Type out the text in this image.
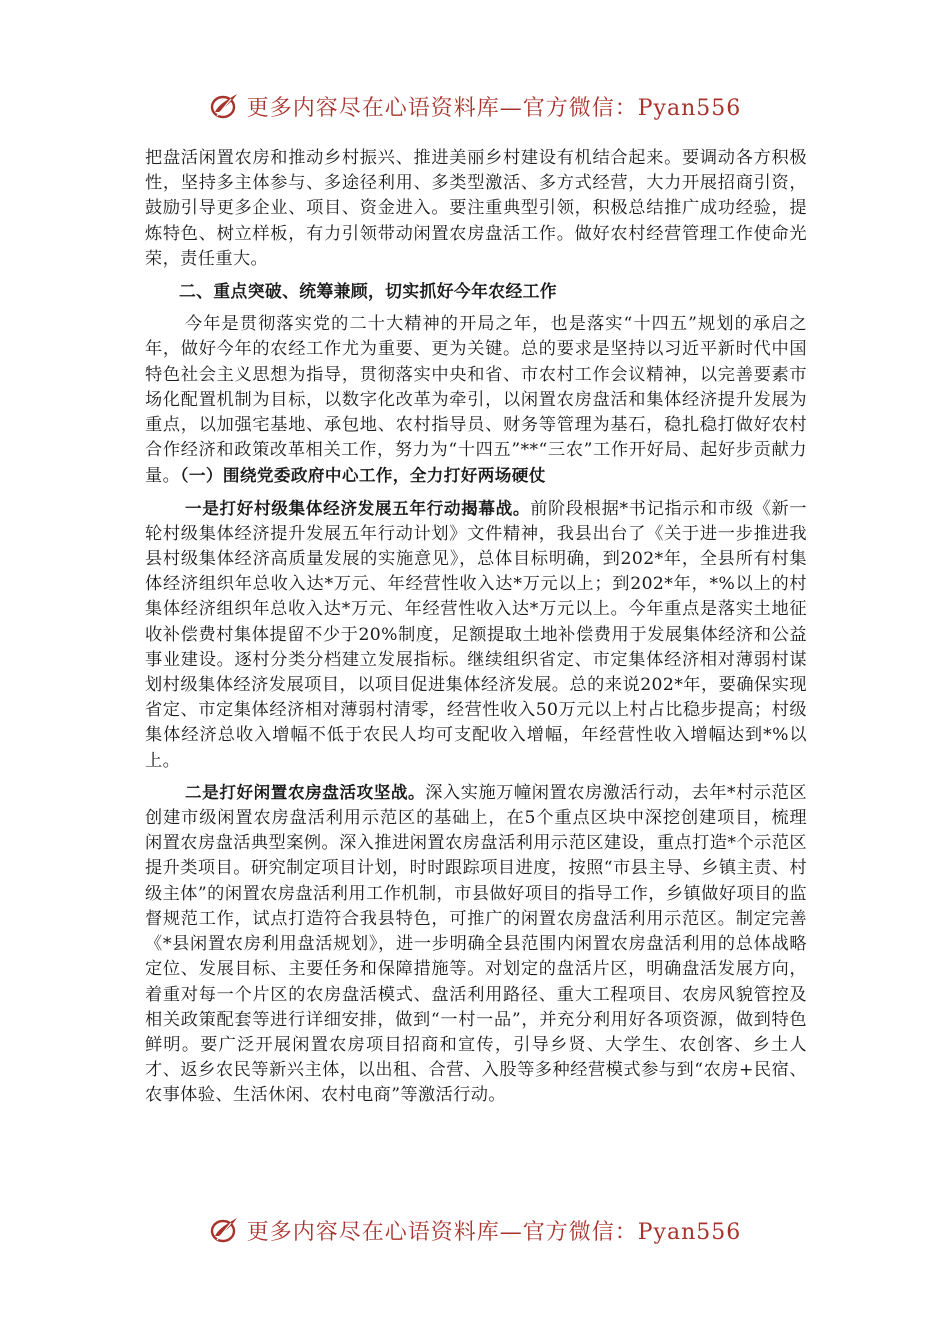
更多内容尽在心语资料库—官方微信：Pyan556

把盘活闲置农房和推动乡村振兴、推进美丽乡村建设有机结合起来。要调动各方积极性，坚持多主体参与、多途径利用、多类型激活、多方式经营，大力开展招商引资，鼓励引导更多企业、项目、资金进入。要注重典型引领，积极总结推广成功经验，提炼特色、树立样板，有力引领带动闲置农房盘活工作。做好农村经营管理工作使命光荣，责任重大。

二、重点突破、统筹兼顾，切实抓好今年农经工作

今年是贯彻落实党的二十大精神的开局之年，也是落实“十四五”规划的承启之年，做好今年的农经工作尤为重要、更为关键。总的要求是坚持以习近平新时代中国特色社会主义思想为指导，贯彻落实中央和省、市农村工作会议精神，以完善要素市场化配置机制为目标，以数字化改革为牵引，以闲置农房盘活和集体经济提升发展为重点，以加强宅基地、承包地、农村指导员、财务等管理为基石，稳扎稳打做好农村合作经济和政策改革相关工作，努力为“十四五”**“三农”工作开好局、起好步贡献力量。（一）围绕党委政府中心工作，全力打好两场硬仗

一是打好村级集体经济发展五年行动揭幕战。前阶段根据*书记指示和市级《新一轮村级集体经济提升发展五年行动计划》文件精神，我县出台了《关于进一步推进我县村级集体经济高质量发展的实施意见》，总体目标明确，到202*年，全县所有村集体经济组织年总收入达*万元、年经营性收入达*万元以上；到202*年，*%以上的村集体经济组织年总收入达*万元、年经营性收入达*万元以上。今年重点是落实土地征收补偿费村集体提留不少于20%制度，足额提取土地补偿费用于发展集体经济和公益事业建设。逐村分类分档建立发展指标。继续组织省定、市定集体经济相对薄弱村谋划村级集体经济发展项目，以项目促进集体经济发展。总的来说202*年，要确保实现省定、市定集体经济相对薄弱村清零，经营性收入50万元以上村占比稳步提高；村级集体经济总收入增幅不低于农民人均可支配收入增幅，年经营性收入增幅达到*%以上。

二是打好闲置农房盘活攻坚战。深入实施万幢闲置农房激活行动，去年*村示范区创建市级闲置农房盘活利用示范区的基础上，在5个重点区块中深挖创建项目，梳理闲置农房盘活典型案例。深入推进闲置农房盘活利用示范区建设，重点打造*个示范区提升类项目。研究制定项目计划，时时跟踪项目进度，按照“市县主导、乡镇主责、村级主体”的闲置农房盘活利用工作机制，市县做好项目的指导工作，乡镇做好项目的监督规范工作，试点打造符合我县特色，可推广的闲置农房盘活利用示范区。制定完善《*县闲置农房利用盘活规划》，进一步明确全县范围内闲置农房盘活利用的总体战略定位、发展目标、主要任务和保障措施等。对划定的盘活片区，明确盘活发展方向，着重对每一个片区的农房盘活模式、盘活利用路径、重大工程项目、农房风貌管控及相关政策配套等进行详细安排，做到“一村一品”，并充分利用好各项资源，做到特色鲜明。要广泛开展闲置农房项目招商和宣传，引导乡贤、大学生、农创客、乡土人才、返乡农民等新兴主体，以出租、合营、入股等多种经营模式参与到“农房+民宿、农事体验、生活休闲、农村电商”等激活行动。

更多内容尽在心语资料库—官方微信：Pyan556
